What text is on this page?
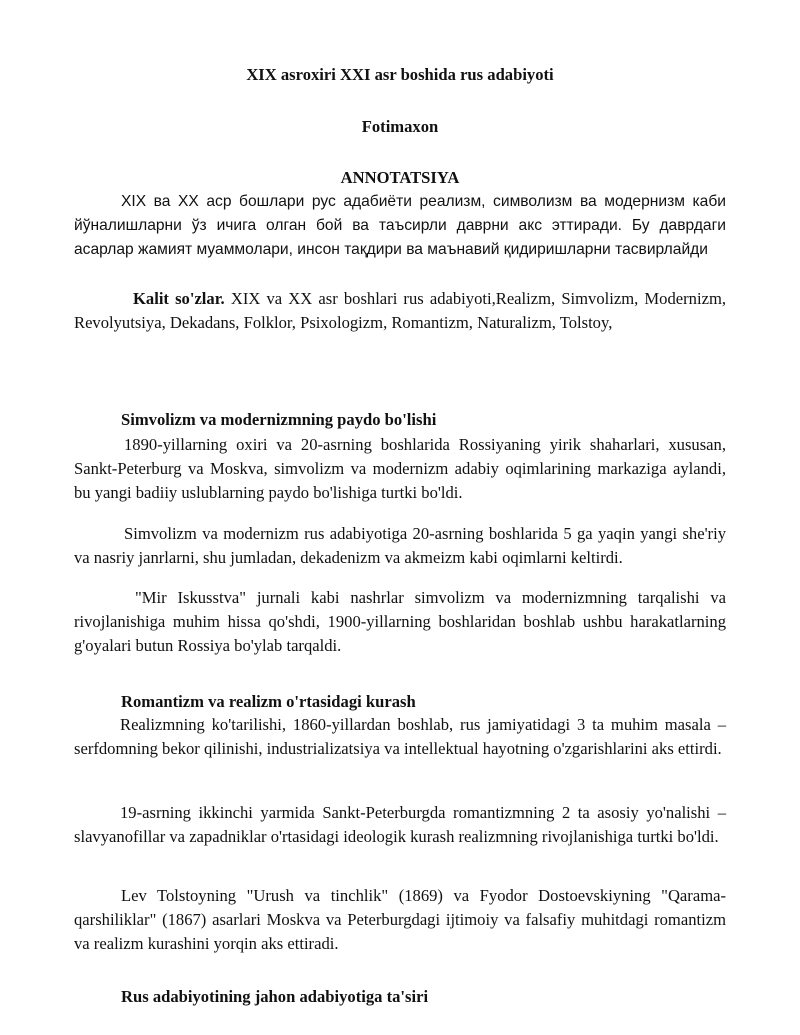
XIX asroxiri XXI asr boshida rus adabiyoti
Fotimaxon
ANNOTATSIYA
XIX ва XX аср бошлари рус адабиёти реализм, символизм ва модернизм каби йўналишларни ўз ичига олган бой ва таъсирли даврни акс эттиради. Бу даврдаги асарлар жамият муаммолари, инсон тақдири ва маънавий қидиришларни тасвирлайди
Kalit so'zlar. XIX va XX asr boshlari rus adabiyoti,Realizm, Simvolizm, Modernizm, Revolyutsiya, Dekadans, Folklor, Psixologizm, Romantizm, Naturalizm, Tolstoy,
Simvolizm va modernizmning paydo bo'lishi
1890-yillarning oxiri va 20-asrning boshlarida Rossiyaning yirik shaharlari, xususan, Sankt-Peterburg va Moskva, simvolizm va modernizm adabiy oqimlarining markaziga aylandi, bu yangi badiiy uslublarning paydo bo'lishiga turtki bo'ldi.
Simvolizm va modernizm rus adabiyotiga 20-asrning boshlarida 5 ga yaqin yangi she'riy va nasriy janrlarni, shu jumladan, dekadenizm va akmeizm kabi oqimlarni keltirdi.
"Mir Iskusstva" jurnali kabi nashrlar simvolizm va modernizmning tarqalishi va rivojlanishiga muhim hissa qo'shdi, 1900-yillarning boshlaridan boshlab ushbu harakatlarning g'oyalari butun Rossiya bo'ylab tarqaldi.
Romantizm va realizm o'rtasidagi kurash
Realizmning ko'tarilishi, 1860-yillardan boshlab, rus jamiyatidagi 3 ta muhim masala – serfdomning bekor qilinishi, industrializatsiya va intellektual hayotning o'zgarishlarini aks ettirdi.
19-asrning ikkinchi yarmida Sankt-Peterburgda romantizmning 2 ta asosiy yo'nalishi – slavyanofillar va zapadniklar o'rtasidagi ideologik kurash realizmning rivojlanishiga turtki bo'ldi.
Lev Tolstoyning "Urush va tinchlik" (1869) va Fyodor Dostoevskiyning "Qarama-qarshiliklar" (1867) asarlari Moskva va Peterburgdagi ijtimoiy va falsafiy muhitdagi romantizm va realizm kurashini yorqin aks ettiradi.
Rus adabiyotining jahon adabiyotiga ta'siri
